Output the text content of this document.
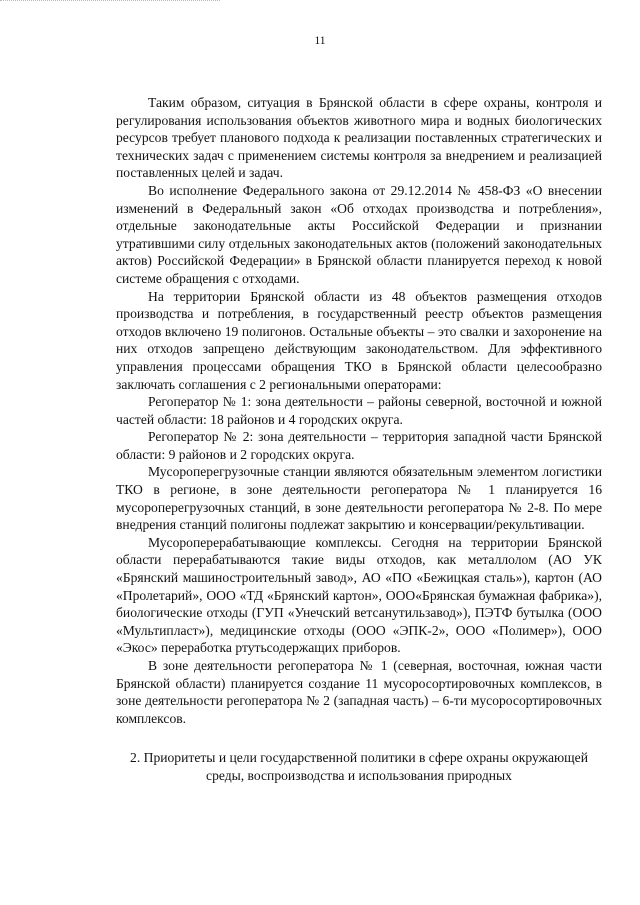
11

Таким образом, ситуация в Брянской области в сфере охраны, контроля и регулирования использования объектов животного мира и водных биологических ресурсов требует планового подхода к реализации поставленных стратегических и технических задач с применением системы контроля за внедрением и реализацией поставленных целей и задач.

Во исполнение Федерального закона от 29.12.2014 № 458-ФЗ «О внесении изменений в Федеральный закон «Об отходах производства и потребления», отдельные законодательные акты Российской Федерации и признании утратившими силу отдельных законодательных актов (положений законодательных актов) Российской Федерации» в Брянской области планируется переход к новой системе обращения с отходами.

На территории Брянской области из 48 объектов размещения отходов производства и потребления, в государственный реестр объектов размещения отходов включено 19 полигонов. Остальные объекты – это свалки и захоронение на них отходов запрещено действующим законодательством. Для эффективного управления процессами обращения ТКО в Брянской области целесообразно заключать соглашения с 2 региональными операторами:

Регоператор № 1: зона деятельности – районы северной, восточной и южной частей области: 18 районов и 4 городских округа.

Регоператор № 2: зона деятельности – территория западной части Брянской области: 9 районов и 2 городских округа.

Мусороперегрузочные станции являются обязательным элементом логистики ТКО в регионе, в зоне деятельности регоператора № 1 планируется 16 мусороперегрузочных станций, в зоне деятельности регоператора № 2-8. По мере внедрения станций полигоны подлежат закрытию и консервации/рекультивации.

Мусороперерабатывающие комплексы. Сегодня на территории Брянской области перерабатываются такие виды отходов, как металлолом (АО УК «Брянский машиностроительный завод», АО «ПО «Бежицкая сталь»), картон (АО «Пролетарий», ООО «ТД «Брянский картон», ООО«Брянская бумажная фабрика»), биологические отходы (ГУП «Унечский ветсанутильзавод»), ПЭТФ бутылка (ООО «Мультипласт»), медицинские отходы (ООО «ЭПК-2», ООО «Полимер»), ООО «Экос» переработка ртутьсодержащих приборов.

В зоне деятельности регоператора № 1 (северная, восточная, южная части Брянской области) планируется создание 11 мусоросортировочных комплексов, в зоне деятельности регоператора № 2 (западная часть) – 6-ти мусоросортировочных комплексов.

2. Приоритеты и цели государственной политики в сфере охраны окружающей среды, воспроизводства и использования природных
